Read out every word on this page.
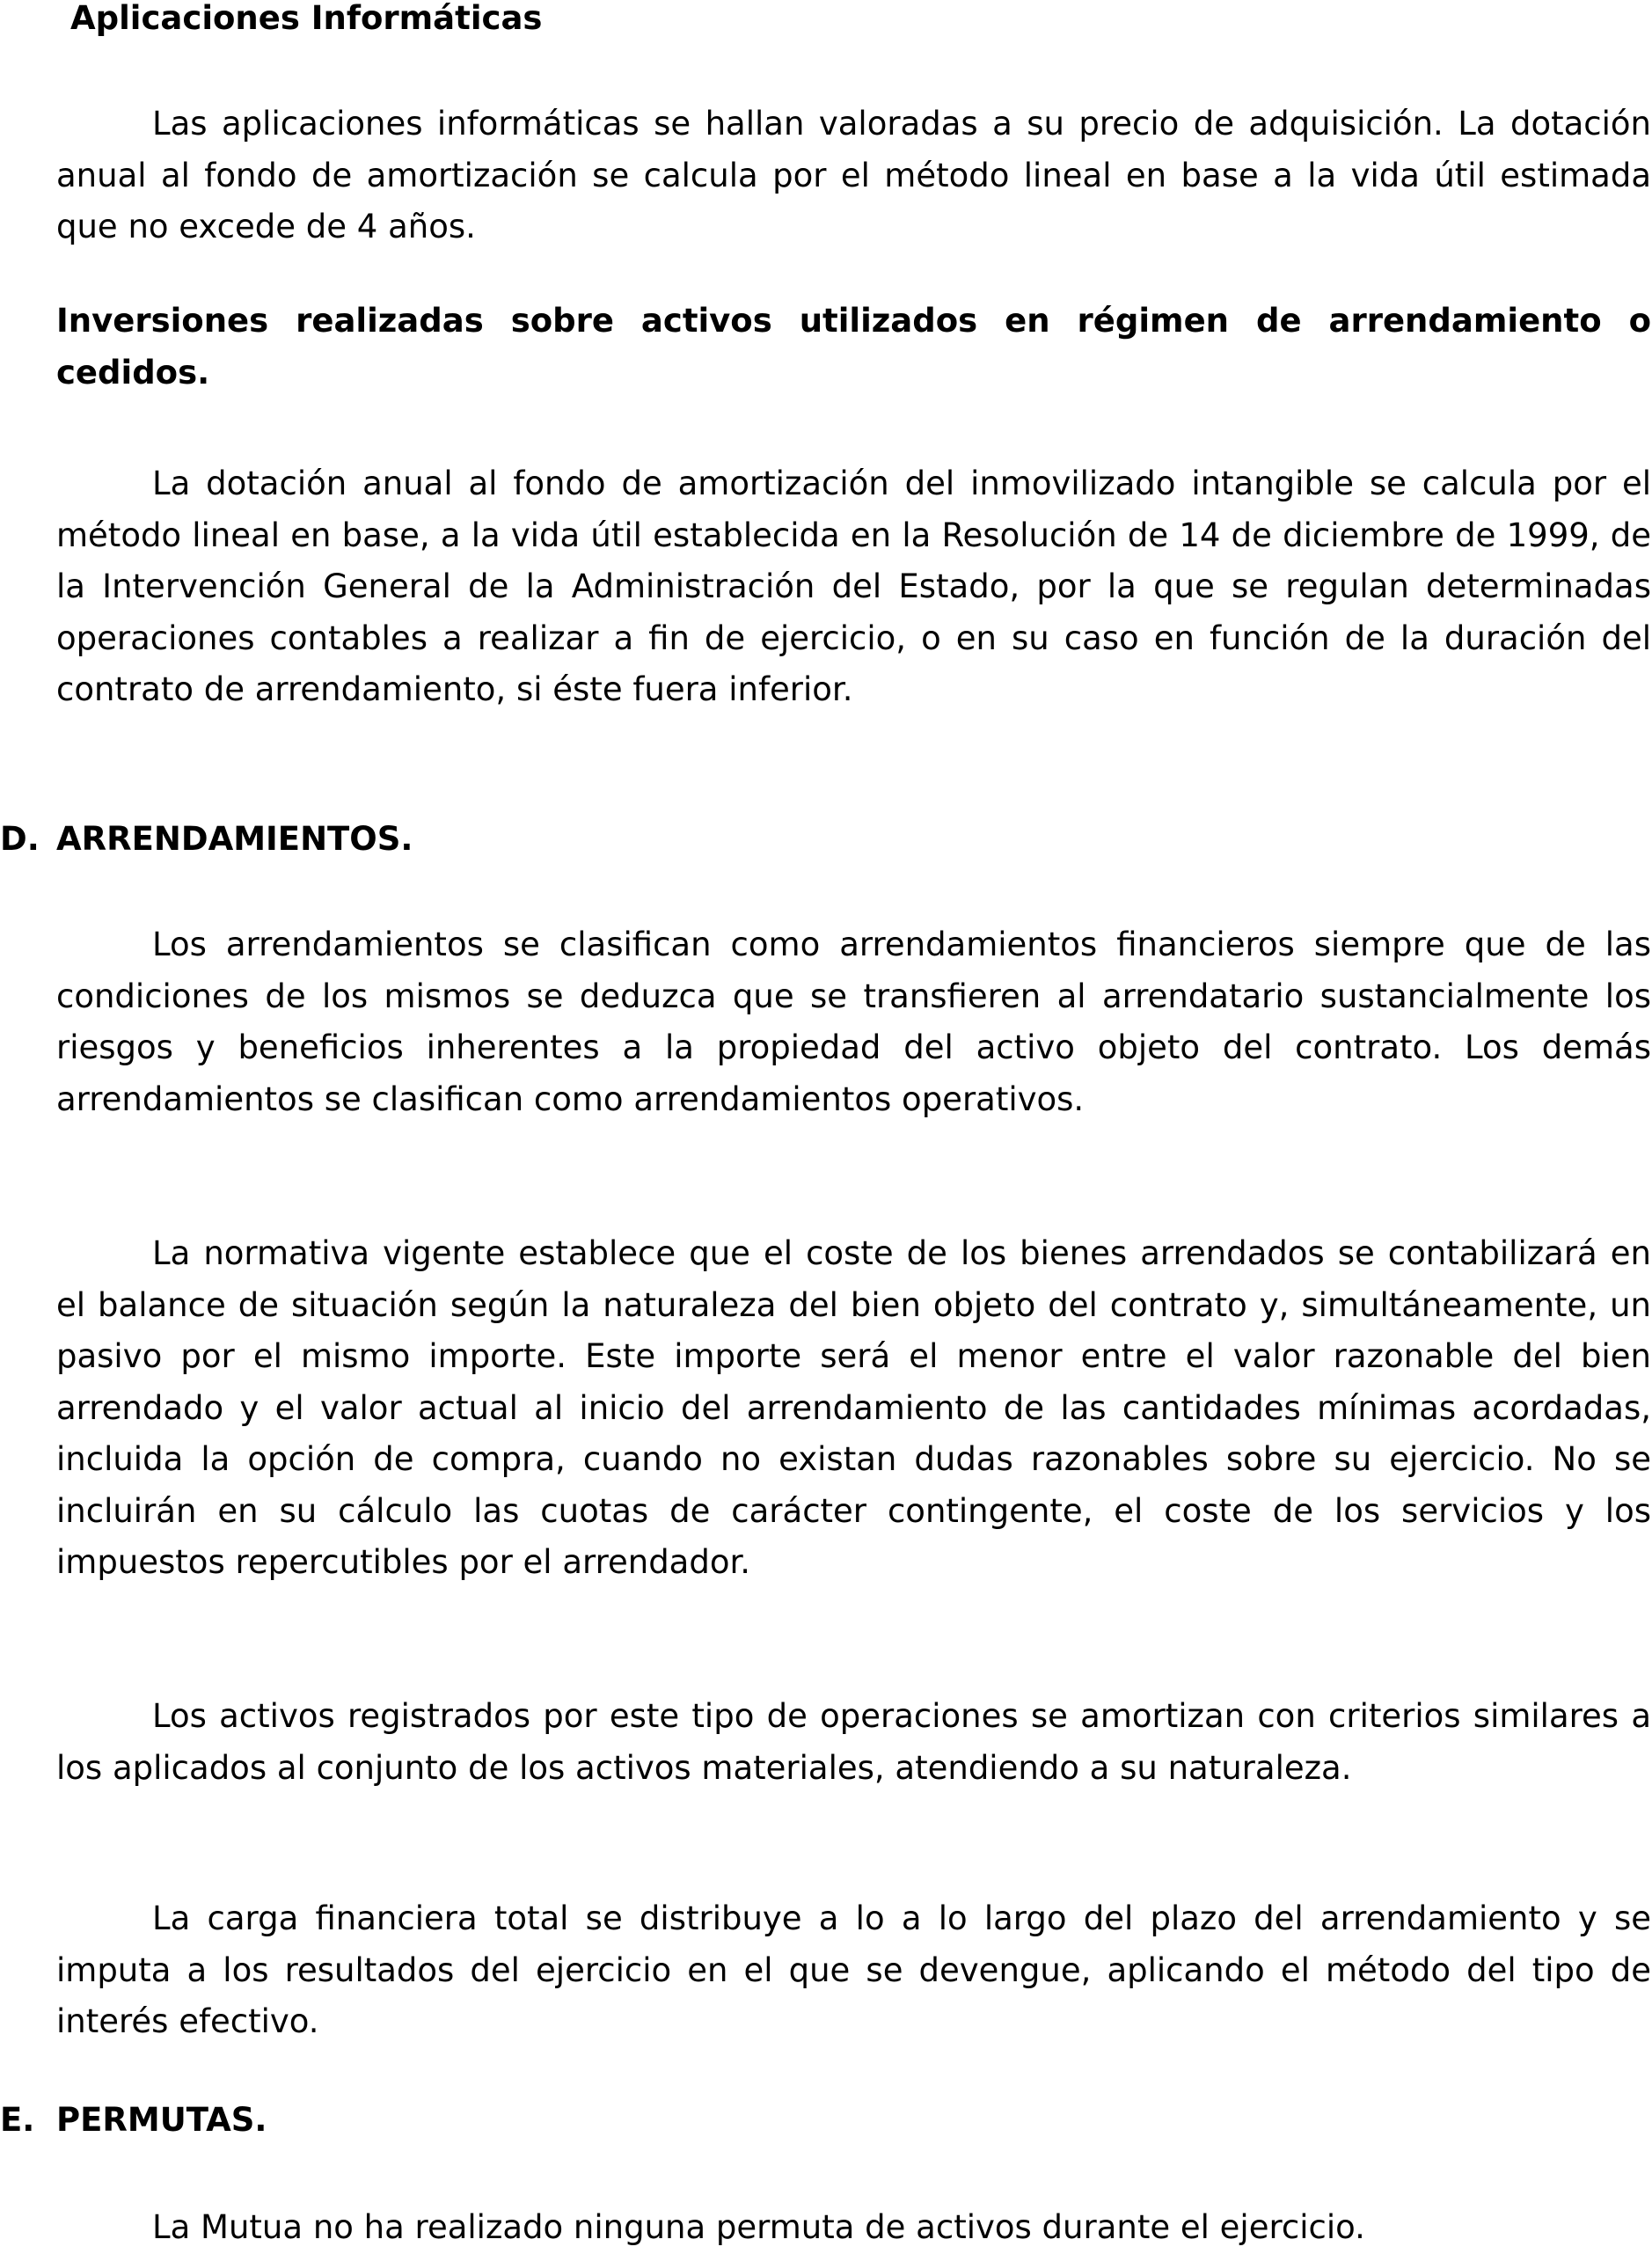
Aplicaciones Informáticas

Las aplicaciones informáticas se hallan valoradas a su precio de adquisición. La dotación anual al fondo de amortización se calcula por el método lineal en base a la vida útil estimada que no excede de 4 años.

Inversiones realizadas sobre activos utilizados en régimen de arrendamiento o cedidos.

La dotación anual al fondo de amortización del inmovilizado intangible se calcula por el método lineal en base, a la vida útil establecida en la Resolución de 14 de diciembre de 1999, de la Intervención General de la Administración del Estado, por la que se regulan determinadas operaciones contables a realizar a fin de ejercicio, o en su caso en función de la duración del contrato de arrendamiento, si éste fuera inferior.

D. ARRENDAMIENTOS.

Los arrendamientos se clasifican como arrendamientos financieros siempre que de las condiciones de los mismos se deduzca que se transfieren al arrendatario sustancialmente los riesgos y beneficios inherentes a la propiedad del activo objeto del contrato. Los demás arrendamientos se clasifican como arrendamientos operativos.

La normativa vigente establece que el coste de los bienes arrendados se contabilizará en el balance de situación según la naturaleza del bien objeto del contrato y, simultáneamente, un pasivo por el mismo importe. Este importe será el menor entre el valor razonable del bien arrendado y el valor actual al inicio del arrendamiento de las cantidades mínimas acordadas, incluida la opción de compra, cuando no existan dudas razonables sobre su ejercicio. No se incluirán en su cálculo las cuotas de carácter contingente, el coste de los servicios y los impuestos repercutibles por el arrendador.

Los activos registrados por este tipo de operaciones se amortizan con criterios similares a los aplicados al conjunto de los activos materiales, atendiendo a su naturaleza.

La carga financiera total se distribuye a lo a lo largo del plazo del arrendamiento y se imputa a los resultados del ejercicio en el que se devengue, aplicando el método del tipo de interés efectivo.

E. PERMUTAS.

La Mutua no ha realizado ninguna permuta de activos durante el ejercicio.
